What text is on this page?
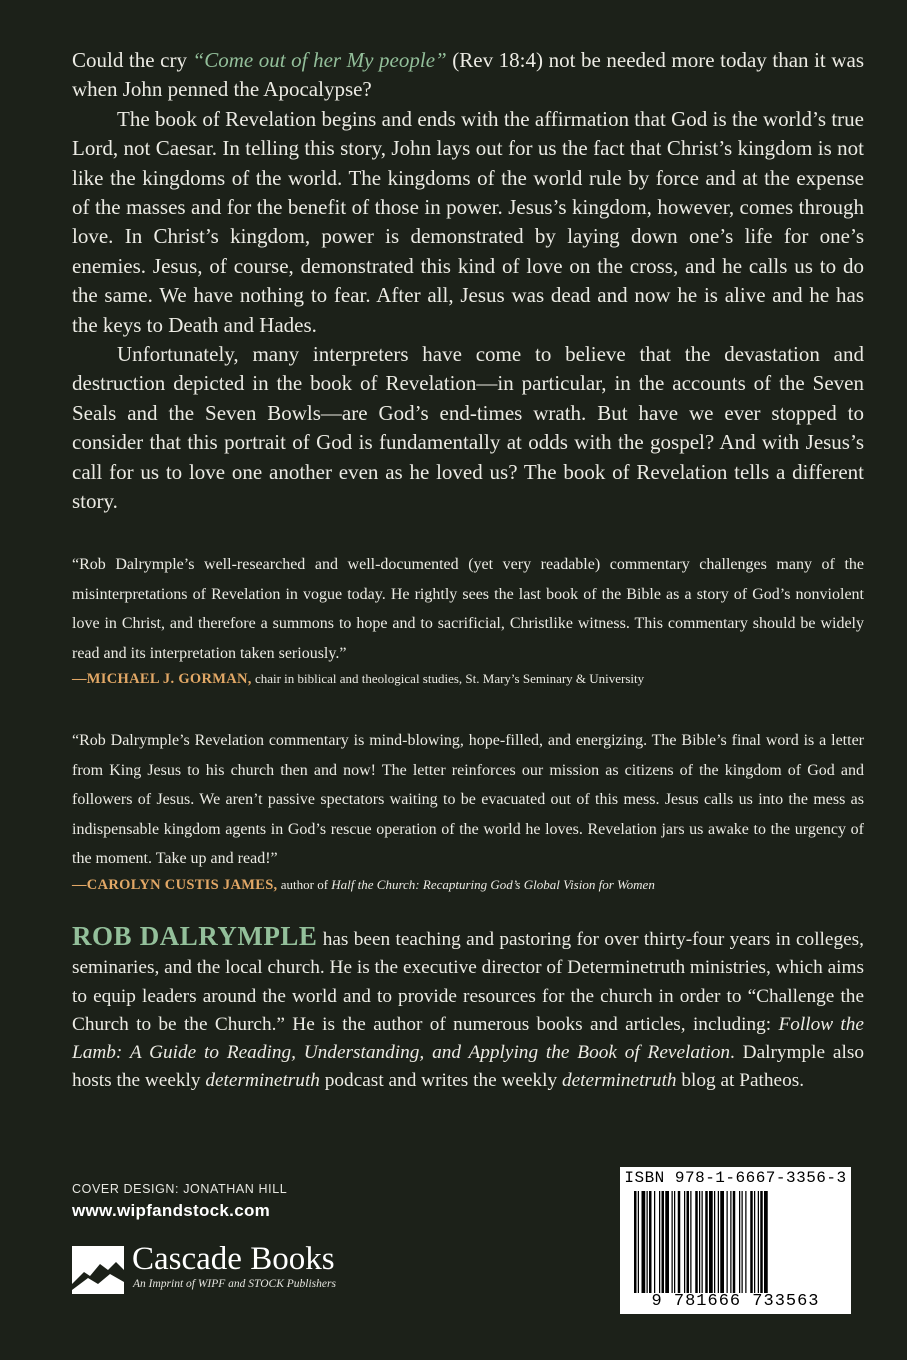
Could the cry “Come out of her My people” (Rev 18:4) not be needed more today than it was when John penned the Apocalypse?

The book of Revelation begins and ends with the affirmation that God is the world’s true Lord, not Caesar. In telling this story, John lays out for us the fact that Christ’s kingdom is not like the kingdoms of the world. The kingdoms of the world rule by force and at the expense of the masses and for the benefit of those in power. Jesus’s kingdom, however, comes through love. In Christ’s kingdom, power is demonstrated by laying down one’s life for one’s enemies. Jesus, of course, demonstrated this kind of love on the cross, and he calls us to do the same. We have nothing to fear. After all, Jesus was dead and now he is alive and he has the keys to Death and Hades.

Unfortunately, many interpreters have come to believe that the devastation and destruction depicted in the book of Revelation—in particular, in the accounts of the Seven Seals and the Seven Bowls—are God’s end-times wrath. But have we ever stopped to consider that this portrait of God is fundamentally at odds with the gospel? And with Jesus’s call for us to love one another even as he loved us? The book of Revelation tells a different story.

“Rob Dalrymple’s well-researched and well-documented (yet very readable) commentary challenges many of the misinterpretations of Revelation in vogue today. He rightly sees the last book of the Bible as a story of God’s nonviolent love in Christ, and therefore a summons to hope and to sacrificial, Christlike witness. This commentary should be widely read and its interpretation taken seriously.”

—MICHAEL J. GORMAN, chair in biblical and theological studies, St. Mary’s Seminary & University

“Rob Dalrymple’s Revelation commentary is mind-blowing, hope-filled, and energizing. The Bible’s final word is a letter from King Jesus to his church then and now! The letter reinforces our mission as citizens of the kingdom of God and followers of Jesus. We aren’t passive spectators waiting to be evacuated out of this mess. Jesus calls us into the mess as indispensable kingdom agents in God’s rescue operation of the world he loves. Revelation jars us awake to the urgency of the moment. Take up and read!”

—CAROLYN CUSTIS JAMES, author of Half the Church: Recapturing God’s Global Vision for Women

ROB DALRYMPLE has been teaching and pastoring for over thirty-four years in colleges, seminaries, and the local church. He is the executive director of Determinetruth ministries, which aims to equip leaders around the world and to provide resources for the church in order to “Challenge the Church to be the Church.” He is the author of numerous books and articles, including: Follow the Lamb: A Guide to Reading, Understanding, and Applying the Book of Revelation. Dalrymple also hosts the weekly determinetruth podcast and writes the weekly determinetruth blog at Patheos.

COVER DESIGN: JONATHAN HILL
www.wipfandstock.com
Cascade Books
An Imprint of WIPF and STOCK Publishers
ISBN 978-1-6667-3356-3
9 781666 733563
